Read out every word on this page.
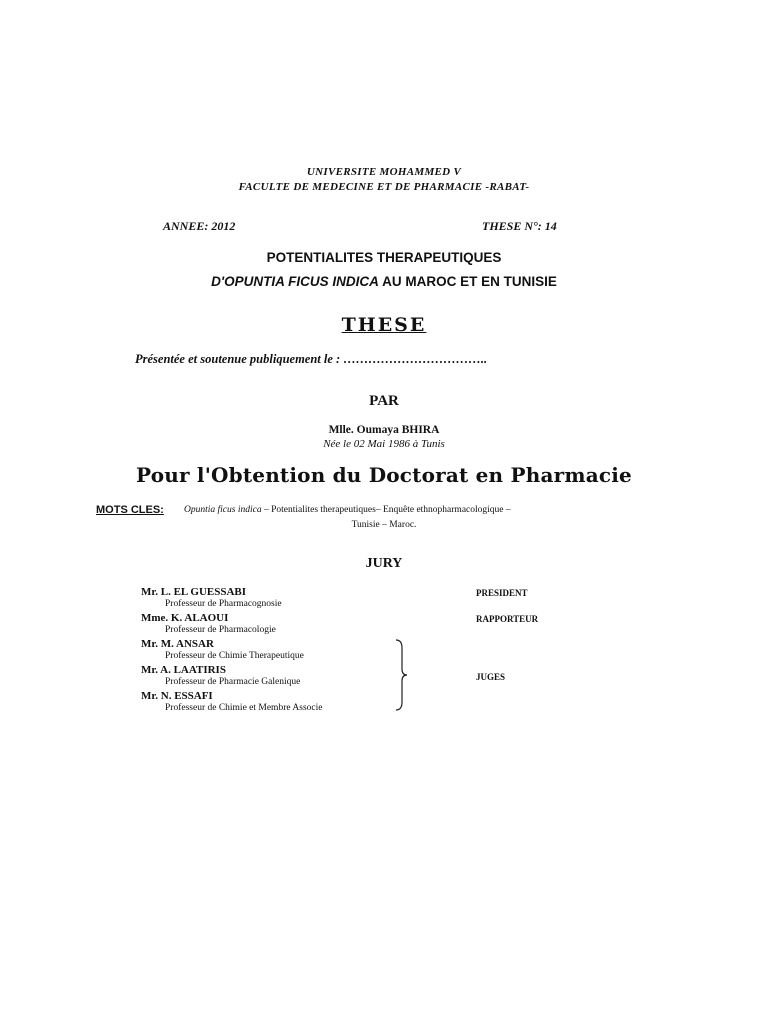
UNIVERSITE MOHAMMED V
FACULTE DE MEDECINE ET DE PHARMACIE -RABAT-
ANNEE: 2012	THESE N°: 14
POTENTIALITES THERAPEUTIQUES
D'OPUNTIA FICUS INDICA AU MAROC ET EN TUNISIE
THESE
Présentée et soutenue publiquement le : ……………………………..
PAR
Mlle. Oumaya BHIRA
Née le 02 Mai 1986 à Tunis
Pour l'Obtention du Doctorat en Pharmacie
MOTS CLES: Opuntia ficus indica – Potentialites therapeutiques– Enquête ethnopharmacologique –
Tunisie – Maroc.
JURY
Mr. L. EL GUESSABI
Professeur de Pharmacognosie
Mme. K. ALAOUI
Professeur de Pharmacologie
Mr. M. ANSAR
Professeur de Chimie Therapeutique
Mr. A. LAATIRIS
Professeur de Pharmacie Galenique
Mr. N. ESSAFI
Professeur de Chimie et Membre Associe
PRESIDENT
RAPPORTEUR
JUGES
